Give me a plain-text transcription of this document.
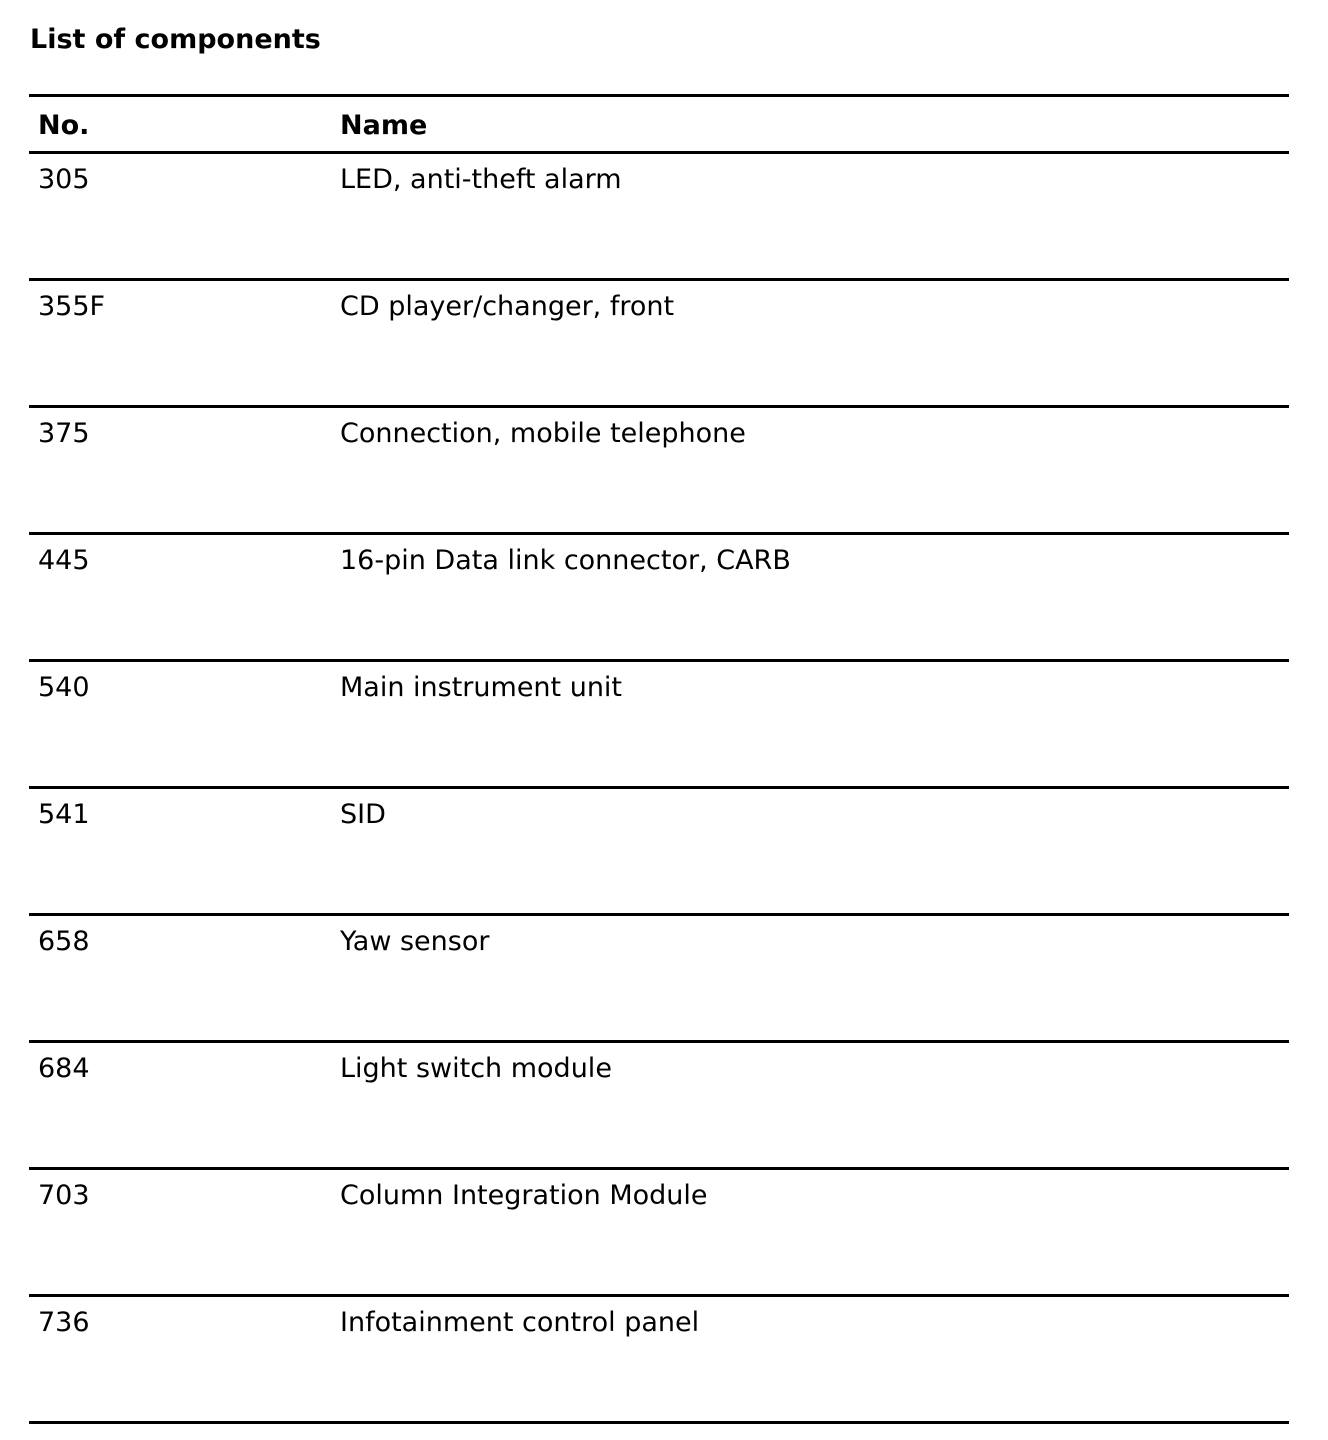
List of components
No.	Name
305	LED, anti-theft alarm
355F	CD player/changer, front
375	Connection, mobile telephone
445	16-pin Data link connector, CARB
540	Main instrument unit
541	SID
658	Yaw sensor
684	Light switch module
703	Column Integration Module
736	Infotainment control panel
